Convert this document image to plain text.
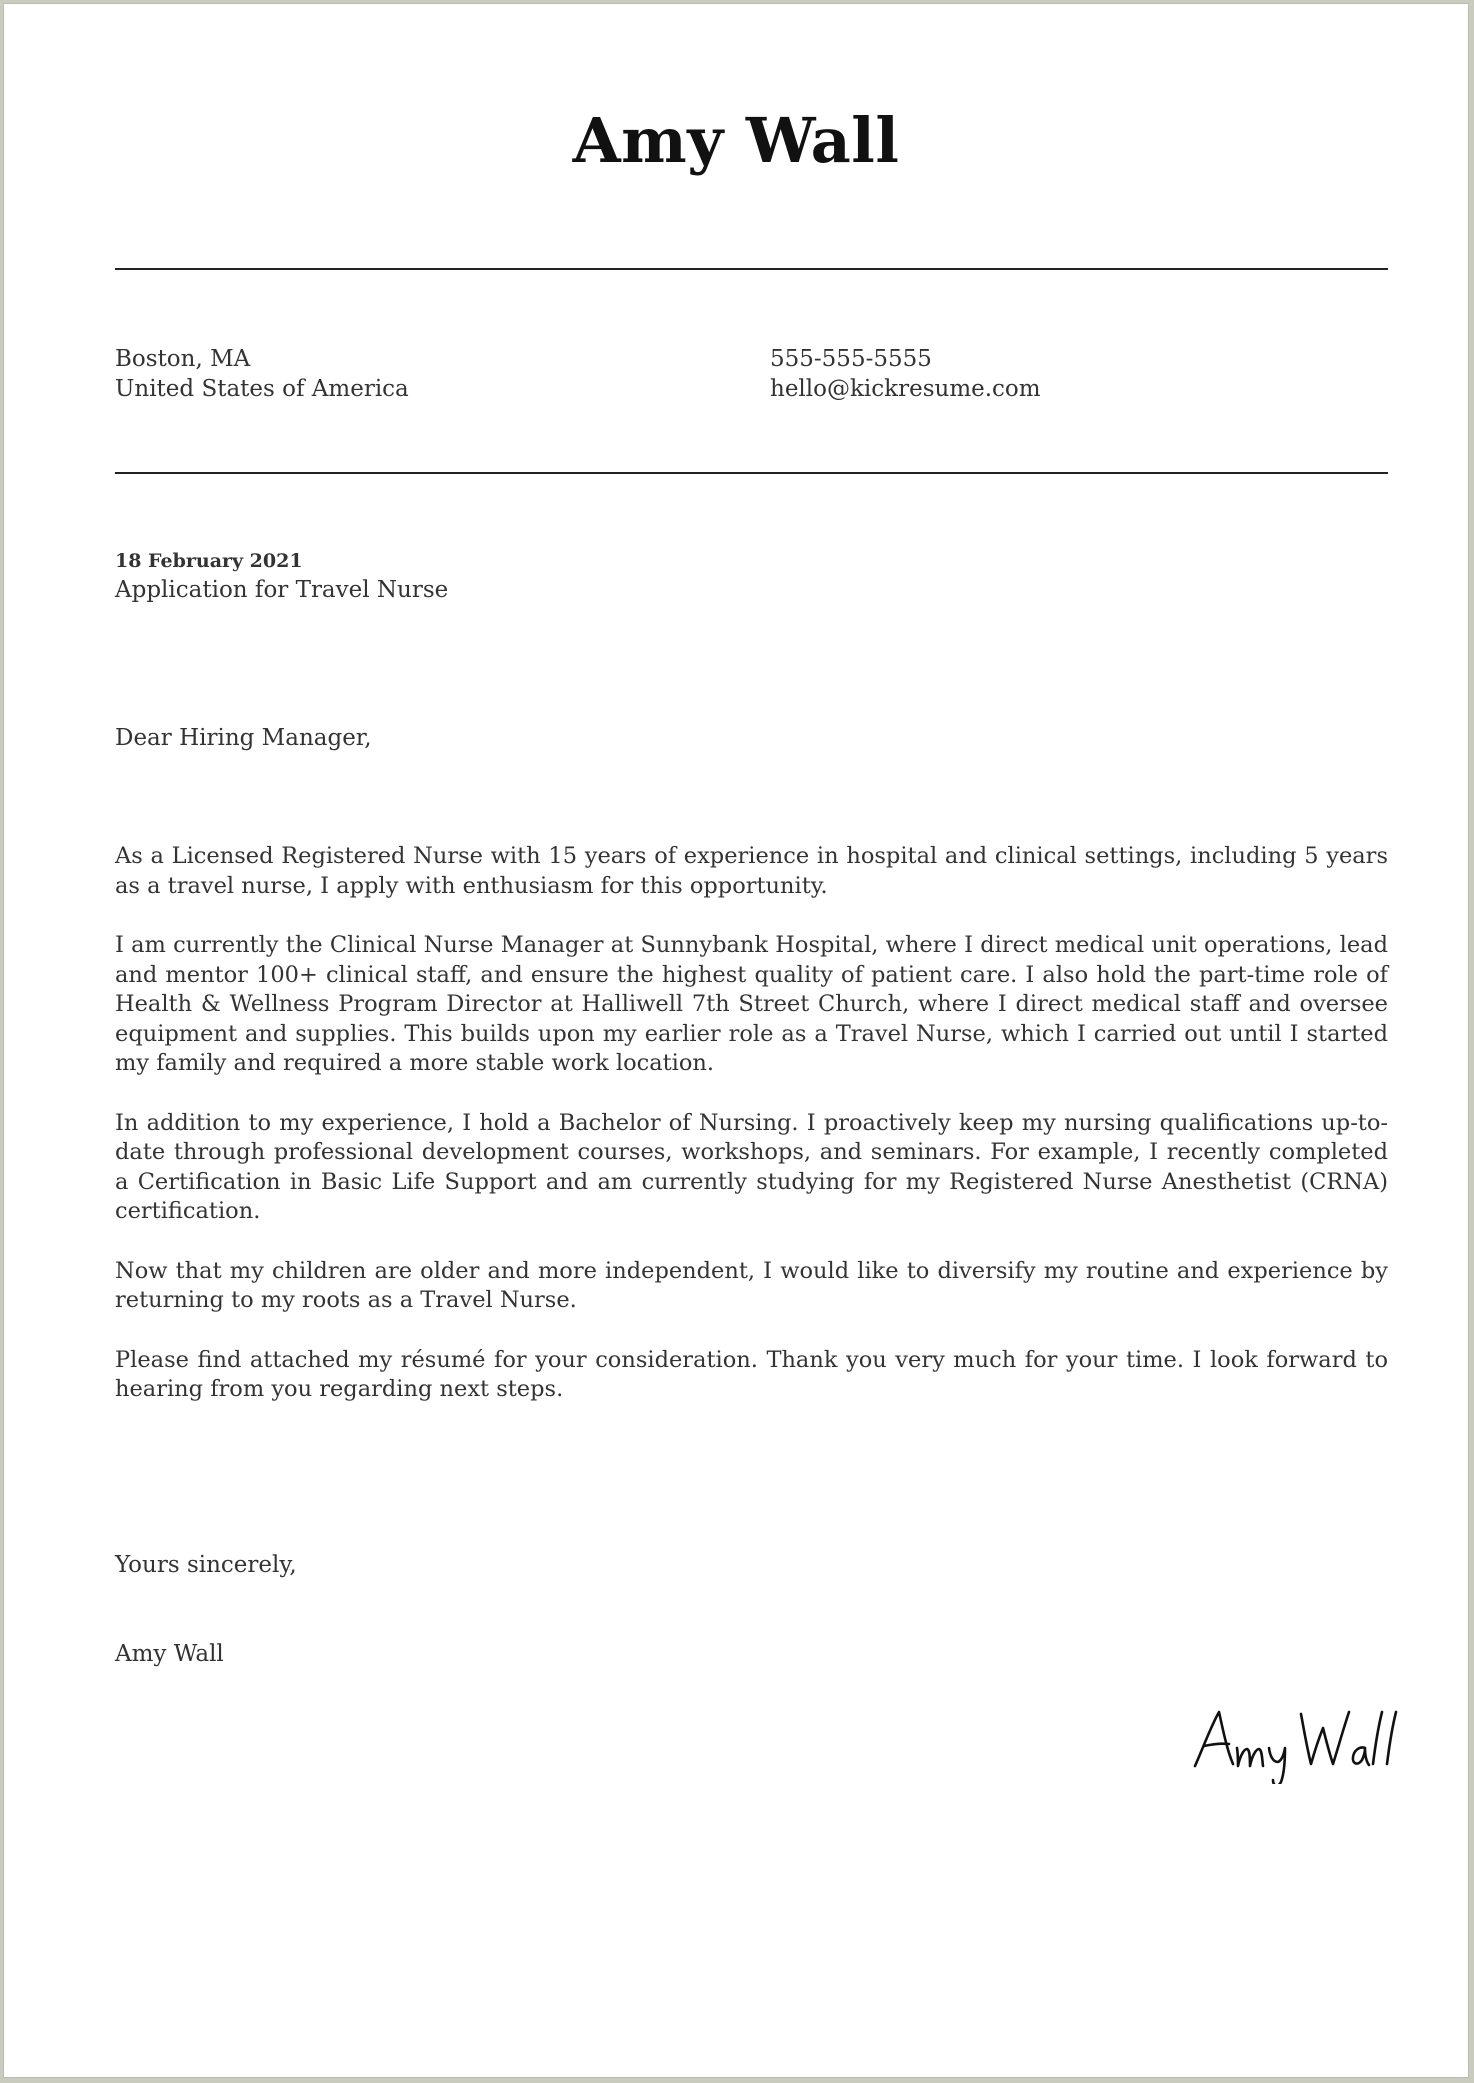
Amy Wall
Boston, MA
United States of America
555-555-5555
hello@kickresume.com
18 February 2021
Application for Travel Nurse
Dear Hiring Manager,

As a Licensed Registered Nurse with 15 years of experience in hospital and clinical settings, including 5 years as a travel nurse, I apply with enthusiasm for this opportunity.

I am currently the Clinical Nurse Manager at Sunnybank Hospital, where I direct medical unit operations, lead and mentor 100+ clinical staff, and ensure the highest quality of patient care. I also hold the part-time role of Health & Wellness Program Director at Halliwell 7th Street Church, where I direct medical staff and oversee equipment and supplies. This builds upon my earlier role as a Travel Nurse, which I carried out until I started my family and required a more stable work location.

In addition to my experience, I hold a Bachelor of Nursing. I proactively keep my nursing qualifications up-to-date through professional development courses, workshops, and seminars. For example, I recently completed a Certification in Basic Life Support and am currently studying for my Registered Nurse Anesthetist (CRNA) certification.

Now that my children are older and more independent, I would like to diversify my routine and experience by returning to my roots as a Travel Nurse.

Please find attached my résumé for your consideration. Thank you very much for your time. I look forward to hearing from you regarding next steps.

Yours sincerely,
Amy Wall
